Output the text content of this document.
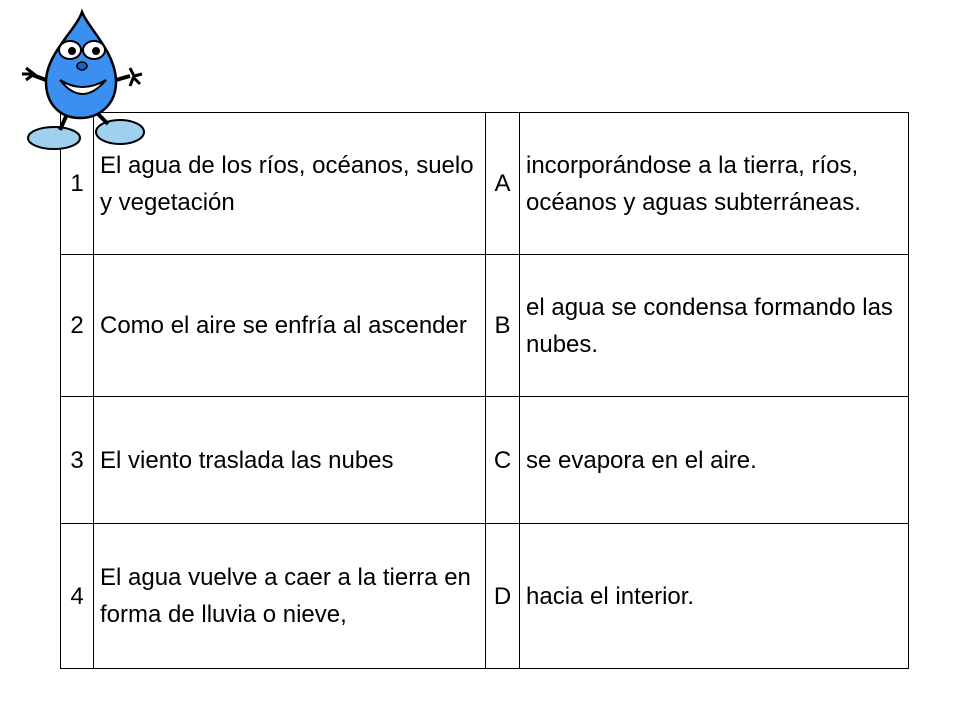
1	El agua de los ríos, océanos, suelo y vegetación	A	incorporándose a la tierra, ríos, océanos y aguas subterráneas.
2	Como el aire se enfría al ascender	B	el agua se condensa formando las nubes.
3	El viento traslada las nubes	C	se evapora en el aire.
4	El agua vuelve a caer a la tierra en forma de lluvia o nieve,	D	hacia el interior.
